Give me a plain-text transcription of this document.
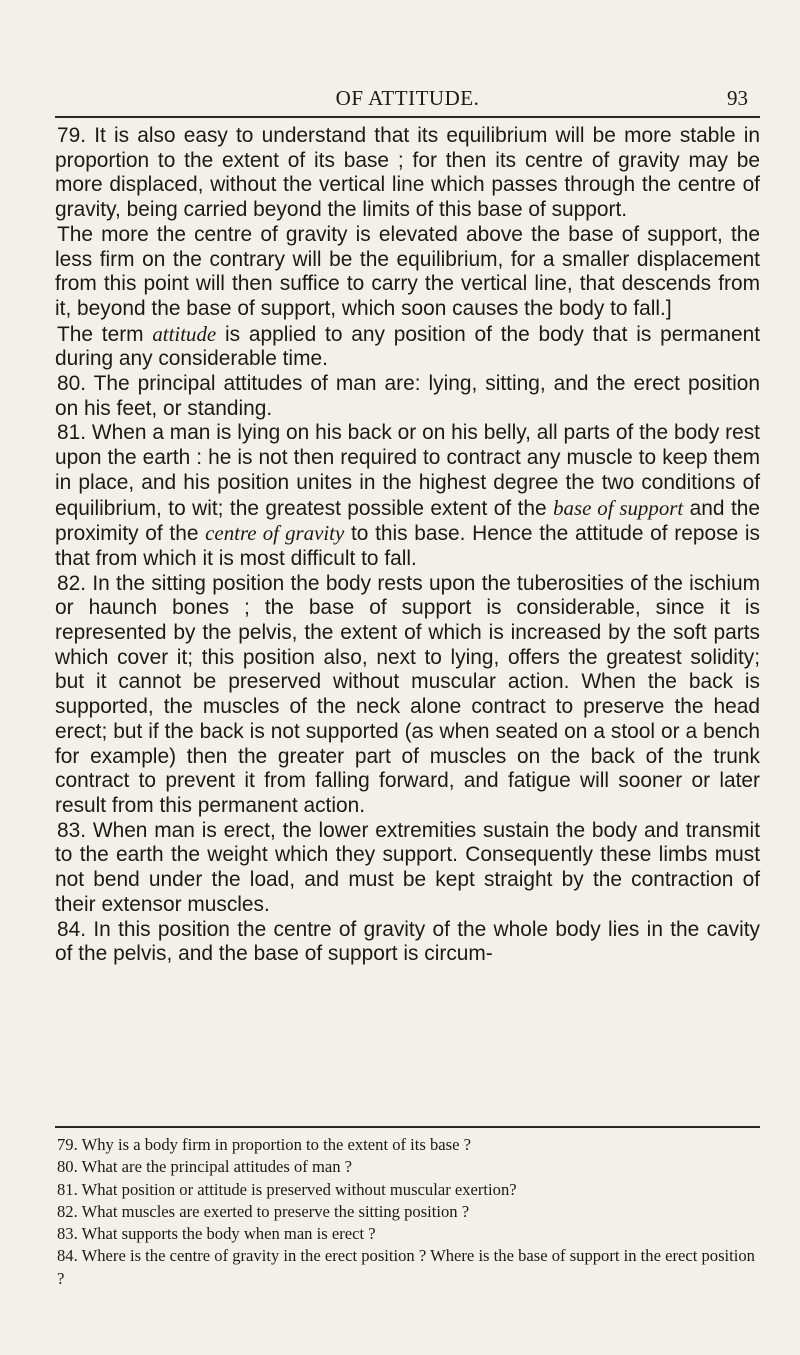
OF ATTITUDE.	93

79. It is also easy to understand that its equilibrium will be more stable in proportion to the extent of its base ; for then its centre of gravity may be more displaced, without the vertical line which passes through the centre of gravity, being carried beyond the limits of this base of support.

The more the centre of gravity is elevated above the base of support, the less firm on the contrary will be the equilibrium, for a smaller displacement from this point will then suffice to carry the vertical line, that descends from it, beyond the base of support, which soon causes the body to fall.]

The term attitude is applied to any position of the body that is permanent during any considerable time.

80. The principal attitudes of man are: lying, sitting, and the erect position on his feet, or standing.

81. When a man is lying on his back or on his belly, all parts of the body rest upon the earth : he is not then required to contract any muscle to keep them in place, and his position unites in the highest degree the two conditions of equilibrium, to wit; the greatest possible extent of the base of support and the proximity of the centre of gravity to this base. Hence the attitude of repose is that from which it is most difficult to fall.

82. In the sitting position the body rests upon the tuberosities of the ischium or haunch bones ; the base of support is considerable, since it is represented by the pelvis, the extent of which is increased by the soft parts which cover it; this position also, next to lying, offers the greatest solidity; but it cannot be preserved without muscular action. When the back is supported, the muscles of the neck alone contract to preserve the head erect; but if the back is not supported (as when seated on a stool or a bench for example) then the greater part of muscles on the back of the trunk contract to prevent it from falling forward, and fatigue will sooner or later result from this permanent action.

83. When man is erect, the lower extremities sustain the body and transmit to the earth the weight which they support. Consequently these limbs must not bend under the load, and must be kept straight by the contraction of their extensor muscles.

84. In this position the centre of gravity of the whole body lies in the cavity of the pelvis, and the base of support is circum-

79. Why is a body firm in proportion to the extent of its base ?

80. What are the principal attitudes of man ?

81. What position or attitude is preserved without muscular exertion?

82. What muscles are exerted to preserve the sitting position ?

83. What supports the body when man is erect ?

84. Where is the centre of gravity in the erect position ? Where is the base of support in the erect position ?
